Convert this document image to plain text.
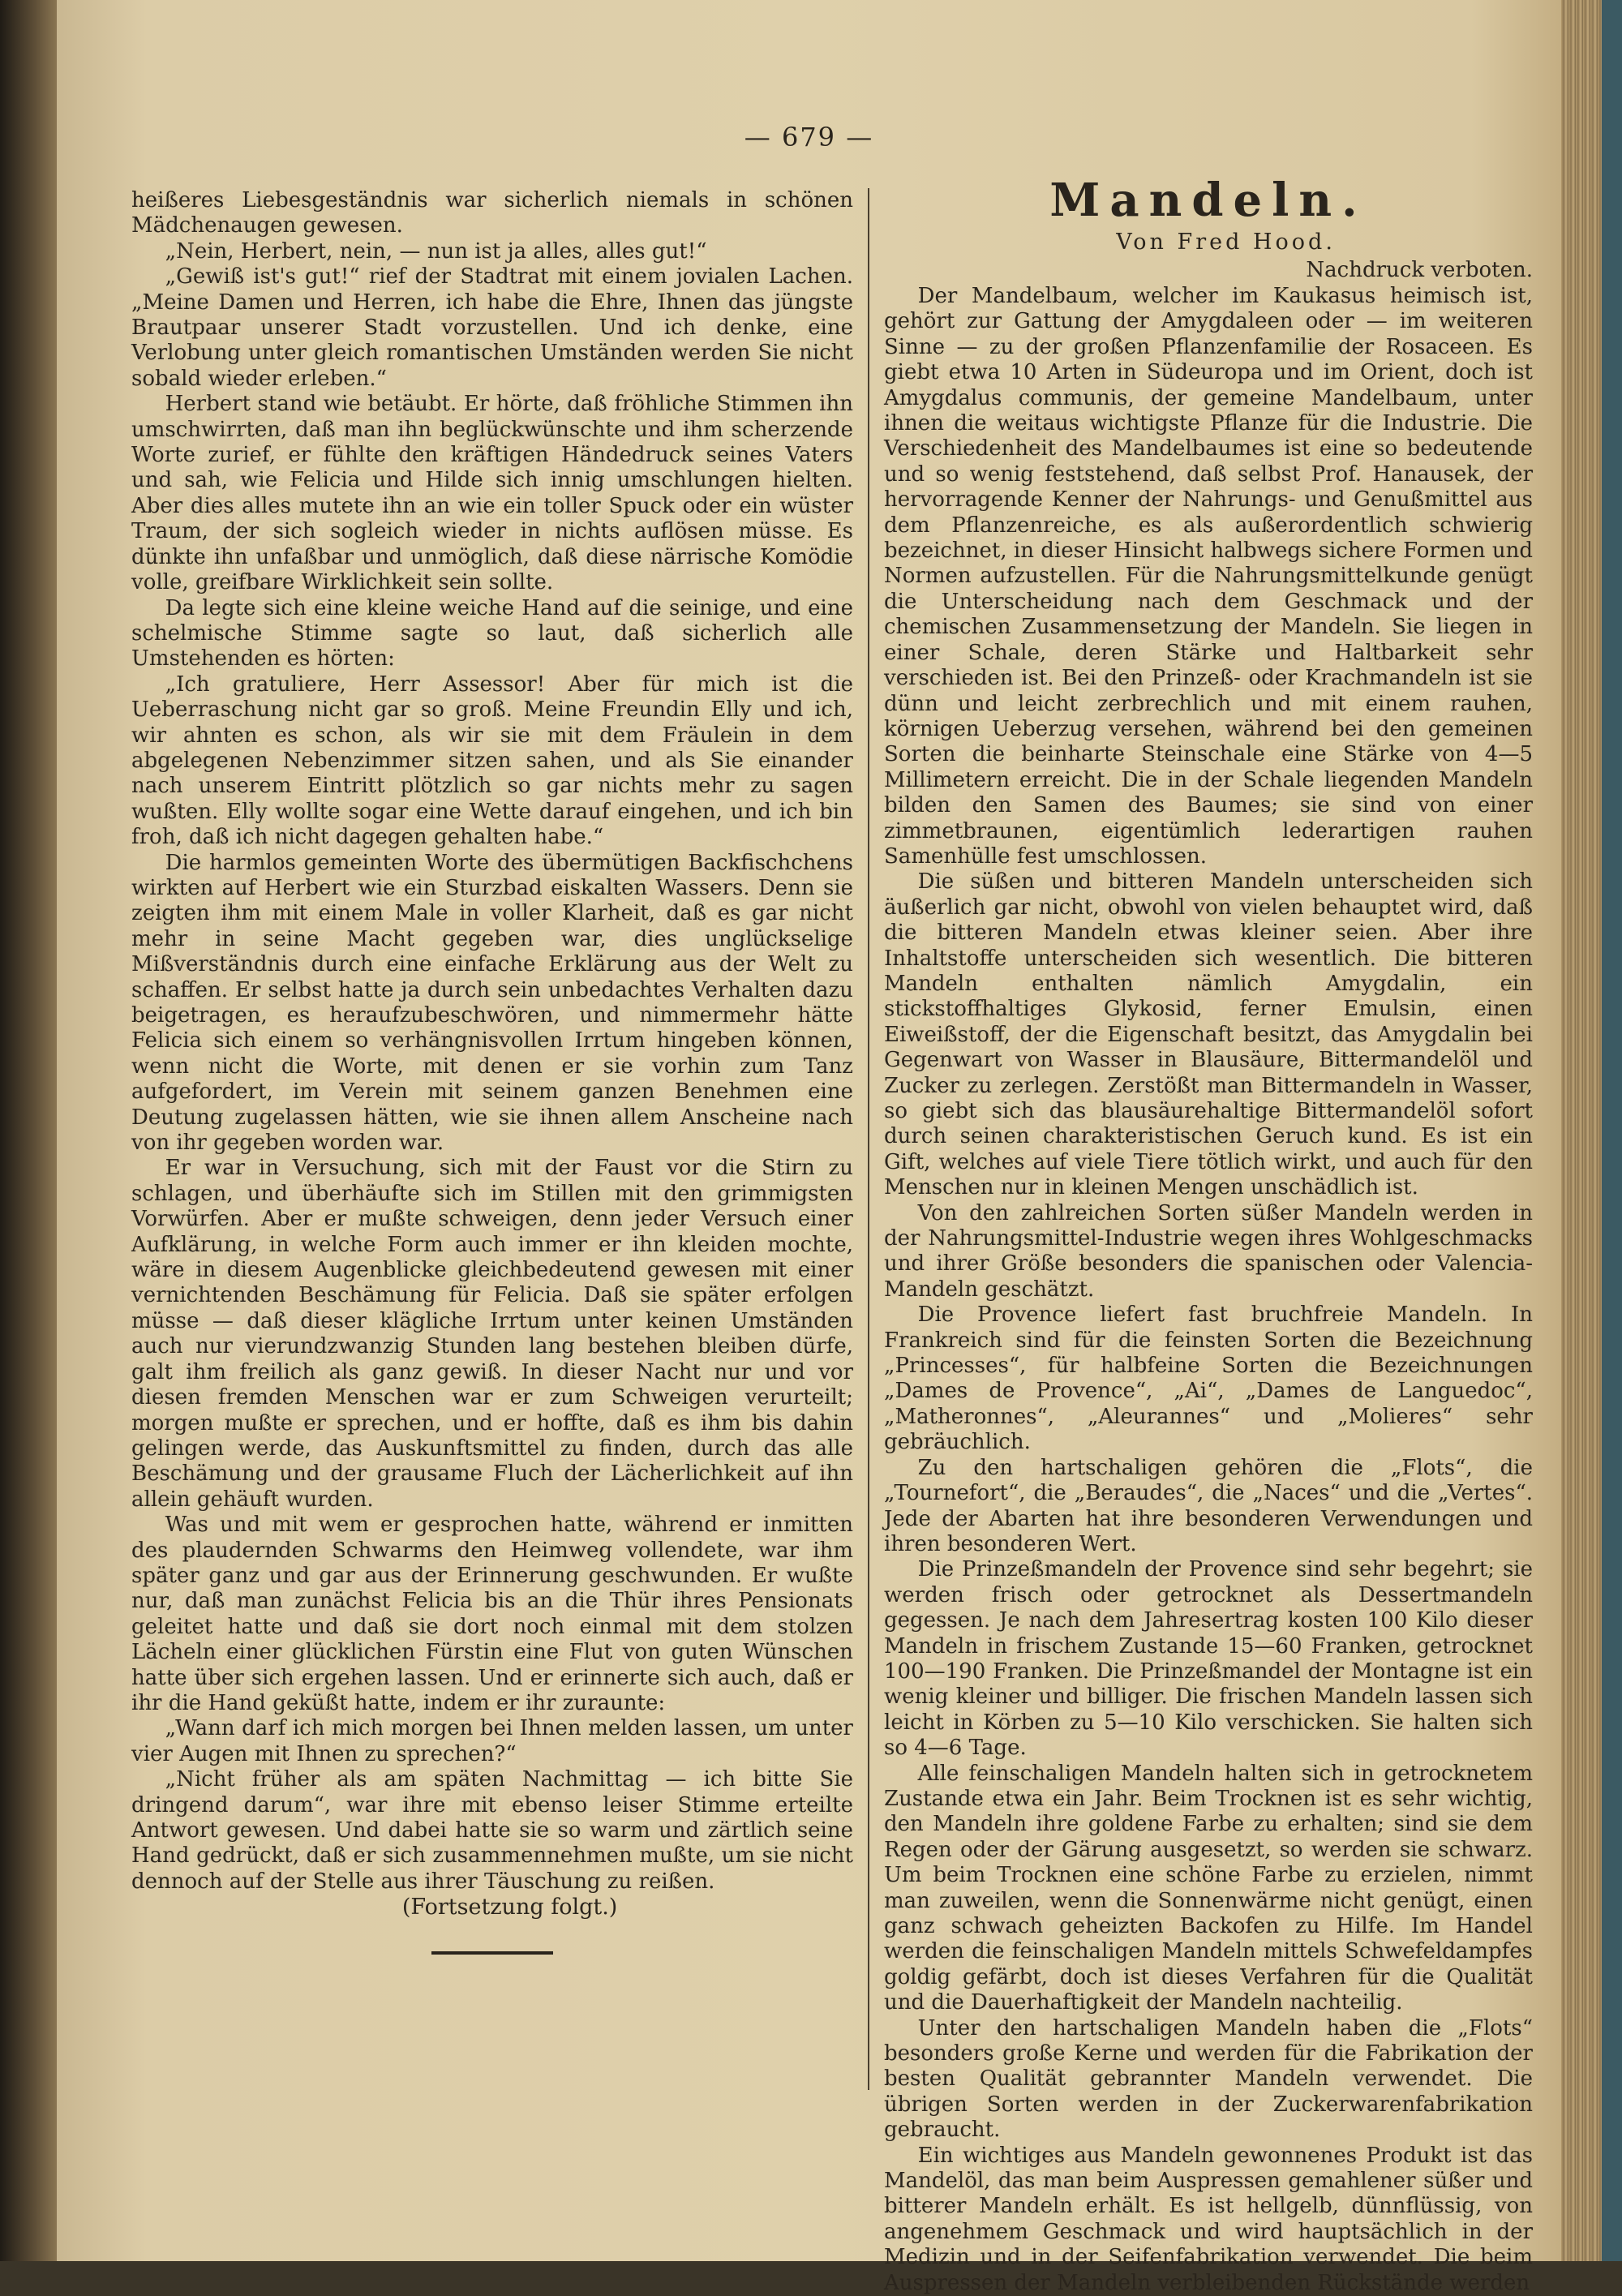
— 679 —

heißeres Liebesgeständnis war sicherlich niemals in schönen Mädchenaugen gewesen.

„Nein, Herbert, nein, — nun ist ja alles, alles gut!“

„Gewiß ist's gut!“ rief der Stadtrat mit einem jovialen Lachen. „Meine Damen und Herren, ich habe die Ehre, Ihnen das jüngste Brautpaar unserer Stadt vorzustellen. Und ich denke, eine Verlobung unter gleich romantischen Umständen werden Sie nicht sobald wieder erleben.“

Herbert stand wie betäubt. Er hörte, daß fröhliche Stimmen ihn umschwirrten, daß man ihn beglückwünschte und ihm scherzende Worte zurief, er fühlte den kräftigen Händedruck seines Vaters und sah, wie Felicia und Hilde sich innig umschlungen hielten. Aber dies alles mutete ihn an wie ein toller Spuck oder ein wüster Traum, der sich sogleich wieder in nichts auflösen müsse. Es dünkte ihn unfaßbar und unmöglich, daß diese närrische Komödie volle, greifbare Wirklichkeit sein sollte.

Da legte sich eine kleine weiche Hand auf die seinige, und eine schelmische Stimme sagte so laut, daß sicherlich alle Umstehenden es hörten:

„Ich gratuliere, Herr Assessor! Aber für mich ist die Ueberraschung nicht gar so groß. Meine Freundin Elly und ich, wir ahnten es schon, als wir sie mit dem Fräulein in dem abgelegenen Nebenzimmer sitzen sahen, und als Sie einander nach unserem Eintritt plötzlich so gar nichts mehr zu sagen wußten. Elly wollte sogar eine Wette darauf eingehen, und ich bin froh, daß ich nicht dagegen gehalten habe.“

Die harmlos gemeinten Worte des übermütigen Backfischchens wirkten auf Herbert wie ein Sturzbad eiskalten Wassers. Denn sie zeigten ihm mit einem Male in voller Klarheit, daß es gar nicht mehr in seine Macht gegeben war, dies unglückselige Mißverständnis durch eine einfache Erklärung aus der Welt zu schaffen. Er selbst hatte ja durch sein unbedachtes Verhalten dazu beigetragen, es heraufzubeschwören, und nimmermehr hätte Felicia sich einem so verhängnisvollen Irrtum hingeben können, wenn nicht die Worte, mit denen er sie vorhin zum Tanz aufgefordert, im Verein mit seinem ganzen Benehmen eine Deutung zugelassen hätten, wie sie ihnen allem Anscheine nach von ihr gegeben worden war.

Er war in Versuchung, sich mit der Faust vor die Stirn zu schlagen, und überhäufte sich im Stillen mit den grimmigsten Vorwürfen. Aber er mußte schweigen, denn jeder Versuch einer Aufklärung, in welche Form auch immer er ihn kleiden mochte, wäre in diesem Augenblicke gleichbedeutend gewesen mit einer vernichtenden Beschämung für Felicia. Daß sie später erfolgen müsse — daß dieser klägliche Irrtum unter keinen Umständen auch nur vierundzwanzig Stunden lang bestehen bleiben dürfe, galt ihm freilich als ganz gewiß. In dieser Nacht nur und vor diesen fremden Menschen war er zum Schweigen verurteilt; morgen mußte er sprechen, und er hoffte, daß es ihm bis dahin gelingen werde, das Auskunftsmittel zu finden, durch das alle Beschämung und der grausame Fluch der Lächerlichkeit auf ihn allein gehäuft wurden.

Was und mit wem er gesprochen hatte, während er inmitten des plaudernden Schwarms den Heimweg vollendete, war ihm später ganz und gar aus der Erinnerung geschwunden. Er wußte nur, daß man zunächst Felicia bis an die Thür ihres Pensionats geleitet hatte und daß sie dort noch einmal mit dem stolzen Lächeln einer glücklichen Fürstin eine Flut von guten Wünschen hatte über sich ergehen lassen. Und er erinnerte sich auch, daß er ihr die Hand geküßt hatte, indem er ihr zuraunte:

„Wann darf ich mich morgen bei Ihnen melden lassen, um unter vier Augen mit Ihnen zu sprechen?“

„Nicht früher als am späten Nachmittag — ich bitte Sie dringend darum“, war ihre mit ebenso leiser Stimme erteilte Antwort gewesen. Und dabei hatte sie so warm und zärtlich seine Hand gedrückt, daß er sich zusammennehmen mußte, um sie nicht dennoch auf der Stelle aus ihrer Täuschung zu reißen.

(Fortsetzung folgt.)

Mandeln.

Von Fred Hood.

Nachdruck verboten.

Der Mandelbaum, welcher im Kaukasus heimisch ist, gehört zur Gattung der Amygdaleen oder — im weiteren Sinne — zu der großen Pflanzenfamilie der Rosaceen. Es giebt etwa 10 Arten in Südeuropa und im Orient, doch ist Amygdalus communis, der gemeine Mandelbaum, unter ihnen die weitaus wichtigste Pflanze für die Industrie. Die Verschiedenheit des Mandelbaumes ist eine so bedeutende und so wenig feststehend, daß selbst Prof. Hanausek, der hervorragende Kenner der Nahrungs- und Genußmittel aus dem Pflanzenreiche, es als außerordentlich schwierig bezeichnet, in dieser Hinsicht halbwegs sichere Formen und Normen aufzustellen. Für die Nahrungsmittelkunde genügt die Unterscheidung nach dem Geschmack und der chemischen Zusammensetzung der Mandeln. Sie liegen in einer Schale, deren Stärke und Haltbarkeit sehr verschieden ist. Bei den Prinzeß- oder Krachmandeln ist sie dünn und leicht zerbrechlich und mit einem rauhen, körnigen Ueberzug versehen, während bei den gemeinen Sorten die beinharte Steinschale eine Stärke von 4—5 Millimetern erreicht. Die in der Schale liegenden Mandeln bilden den Samen des Baumes; sie sind von einer zimmetbraunen, eigentümlich lederartigen rauhen Samenhülle fest umschlossen.

Die süßen und bitteren Mandeln unterscheiden sich äußerlich gar nicht, obwohl von vielen behauptet wird, daß die bitteren Mandeln etwas kleiner seien. Aber ihre Inhaltstoffe unterscheiden sich wesentlich. Die bitteren Mandeln enthalten nämlich Amygdalin, ein stickstoffhaltiges Glykosid, ferner Emulsin, einen Eiweißstoff, der die Eigenschaft besitzt, das Amygdalin bei Gegenwart von Wasser in Blausäure, Bittermandelöl und Zucker zu zerlegen. Zerstößt man Bittermandeln in Wasser, so giebt sich das blausäurehaltige Bittermandelöl sofort durch seinen charakteristischen Geruch kund. Es ist ein Gift, welches auf viele Tiere tötlich wirkt, und auch für den Menschen nur in kleinen Mengen unschädlich ist.

Von den zahlreichen Sorten süßer Mandeln werden in der Nahrungsmittel-Industrie wegen ihres Wohlgeschmacks und ihrer Größe besonders die spanischen oder Valencia-Mandeln geschätzt.

Die Provence liefert fast bruchfreie Mandeln. In Frankreich sind für die feinsten Sorten die Bezeichnung „Princesses“, für halbfeine Sorten die Bezeichnungen „Dames de Provence“, „Ai“, „Dames de Languedoc“, „Matheronnes“, „Aleurannes“ und „Molieres“ sehr gebräuchlich.

Zu den hartschaligen gehören die „Flots“, die „Tournefort“, die „Beraudes“, die „Naces“ und die „Vertes“. Jede der Abarten hat ihre besonderen Verwendungen und ihren besonderen Wert.

Die Prinzeßmandeln der Provence sind sehr begehrt; sie werden frisch oder getrocknet als Dessertmandeln gegessen. Je nach dem Jahresertrag kosten 100 Kilo dieser Mandeln in frischem Zustande 15—60 Franken, getrocknet 100—190 Franken. Die Prinzeßmandel der Montagne ist ein wenig kleiner und billiger. Die frischen Mandeln lassen sich leicht in Körben zu 5—10 Kilo verschicken. Sie halten sich so 4—6 Tage.

Alle feinschaligen Mandeln halten sich in getrocknetem Zustande etwa ein Jahr. Beim Trocknen ist es sehr wichtig, den Mandeln ihre goldene Farbe zu erhalten; sind sie dem Regen oder der Gärung ausgesetzt, so werden sie schwarz. Um beim Trocknen eine schöne Farbe zu erzielen, nimmt man zuweilen, wenn die Sonnenwärme nicht genügt, einen ganz schwach geheizten Backofen zu Hilfe. Im Handel werden die feinschaligen Mandeln mittels Schwefeldampfes goldig gefärbt, doch ist dieses Verfahren für die Qualität und die Dauerhaftigkeit der Mandeln nachteilig.

Unter den hartschaligen Mandeln haben die „Flots“ besonders große Kerne und werden für die Fabrikation der besten Qualität gebrannter Mandeln verwendet. Die übrigen Sorten werden in der Zuckerwarenfabrikation gebraucht.

Ein wichtiges aus Mandeln gewonnenes Produkt ist das Mandelöl, das man beim Auspressen gemahlener süßer und bitterer Mandeln erhält. Es ist hellgelb, dünnflüssig, von angenehmem Geschmack und wird hauptsächlich in der Medizin und in der Seifenfabrikation verwendet. Die beim Auspressen der Mandeln verbleibenden Rückstände werden
